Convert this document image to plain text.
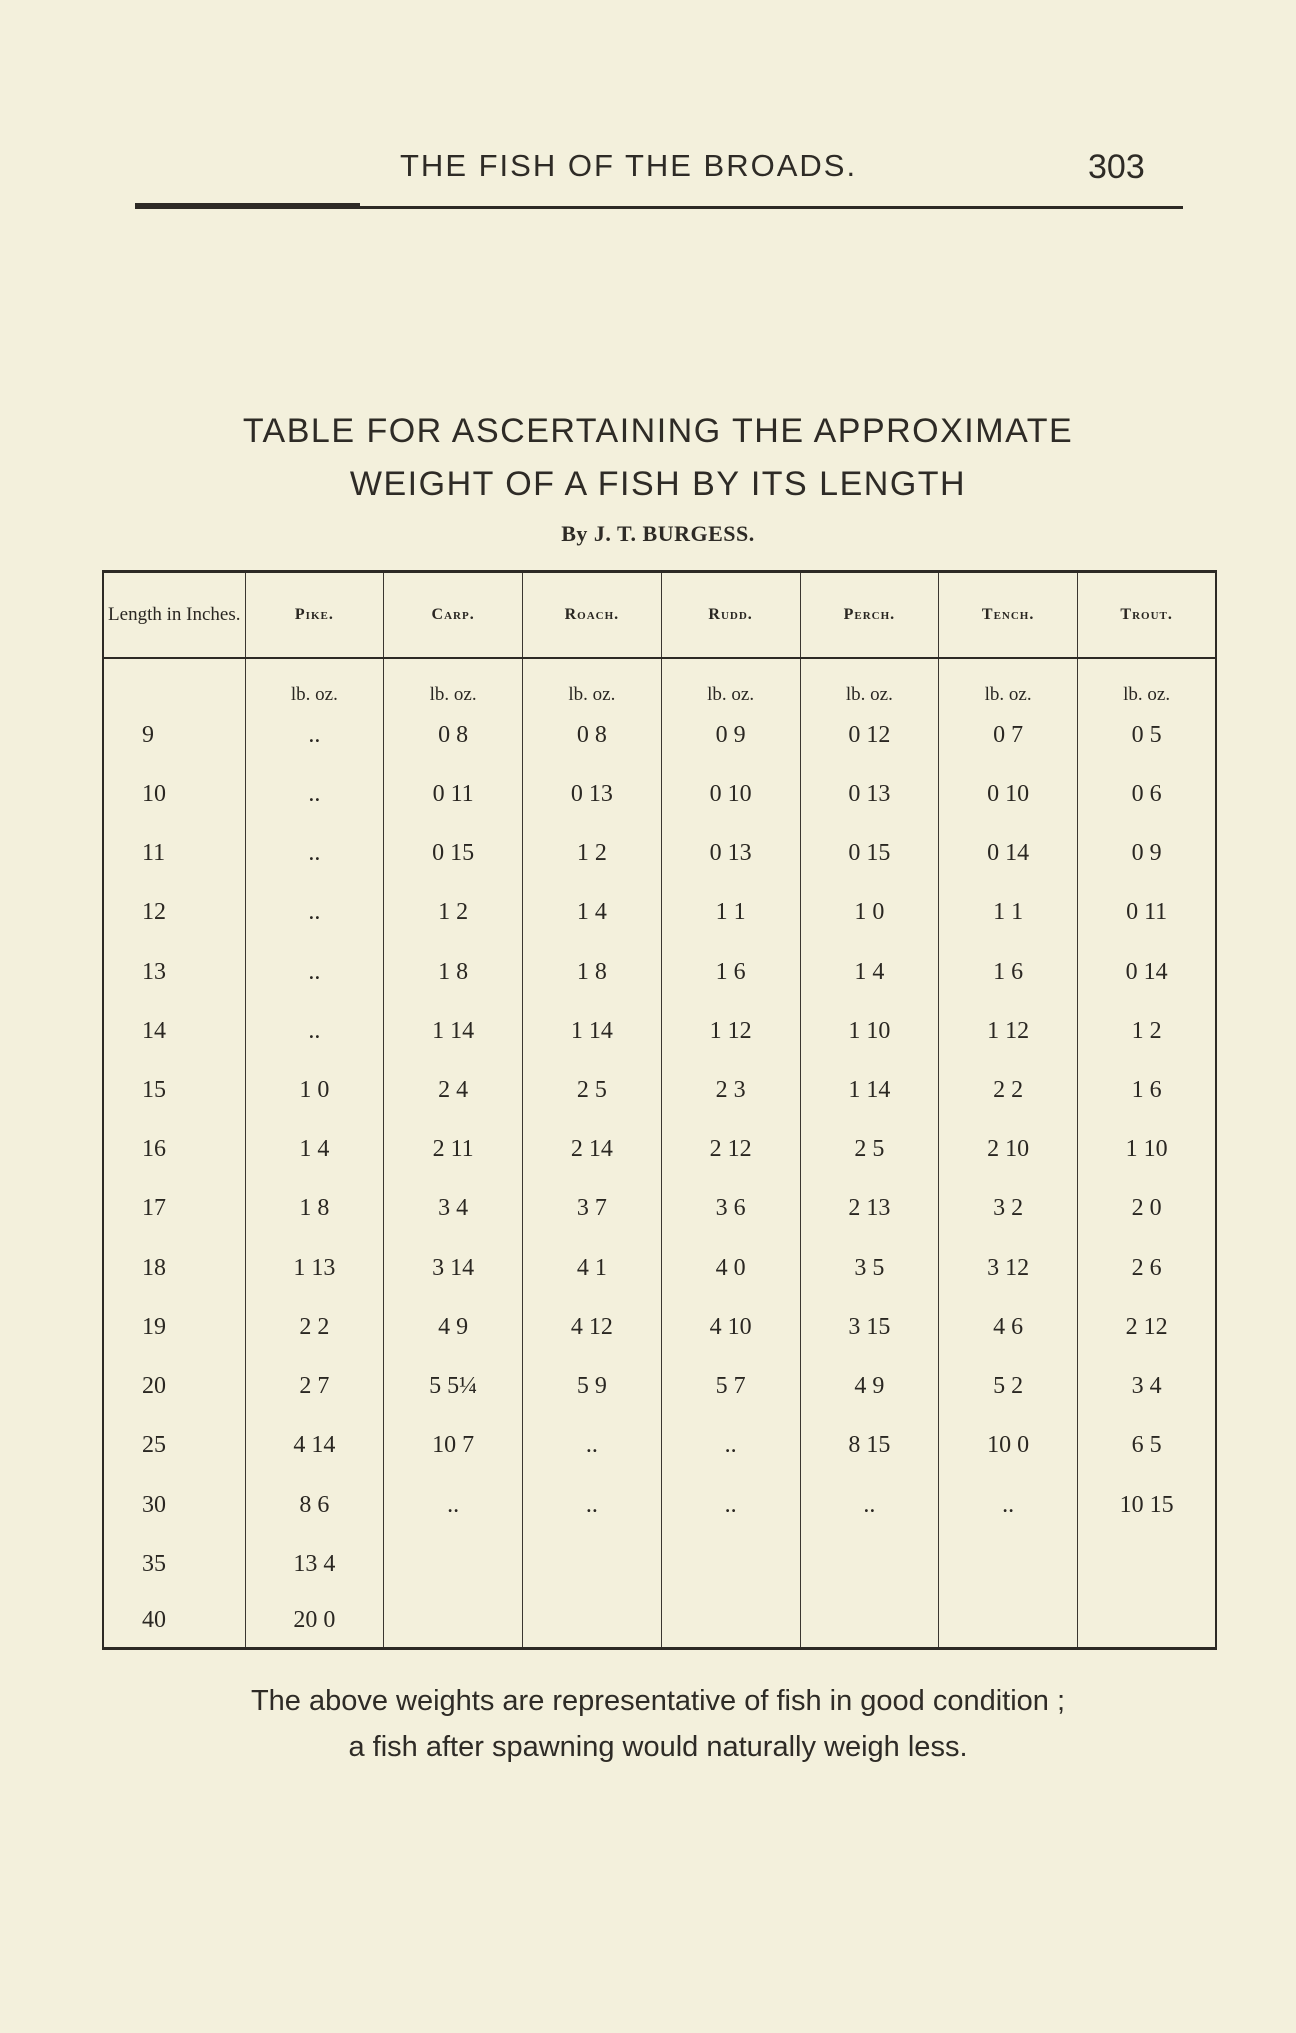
THE FISH OF THE BROADS.	303
TABLE FOR ASCERTAINING THE APPROXIMATE
WEIGHT OF A FISH BY ITS LENGTH
By J. T. BURGESS.
Length in Inches.	Pike.	Carp.	Roach.	Rudd.	Perch.	Tench.	Trout.
	lb. oz.	lb. oz.	lb. oz.	lb. oz.	lb. oz.	lb. oz.	lb. oz.
9	..	0 8	0 8	0 9	0 12	0 7	0 5
10	..	0 11	0 13	0 10	0 13	0 10	0 6
11	..	0 15	1 2	0 13	0 15	0 14	0 9
12	..	1 2	1 4	1 1	1 0	1 1	0 11
13	..	1 8	1 8	1 6	1 4	1 6	0 14
14	..	1 14	1 14	1 12	1 10	1 12	1 2
15	1 0	2 4	2 5	2 3	1 14	2 2	1 6
16	1 4	2 11	2 14	2 12	2 5	2 10	1 10
17	1 8	3 4	3 7	3 6	2 13	3 2	2 0
18	1 13	3 14	4 1	4 0	3 5	3 12	2 6
19	2 2	4 9	4 12	4 10	3 15	4 6	2 12
20	2 7	5 5¼	5 9	5 7	4 9	5 2	3 4
25	4 14	10 7	..	..	8 15	10 0	6 5
30	8 6	..	..	..	..	..	10 15
35	13 4						
40	20 0						
The above weights are representative of fish in good condition ;
a fish after spawning would naturally weigh less.
